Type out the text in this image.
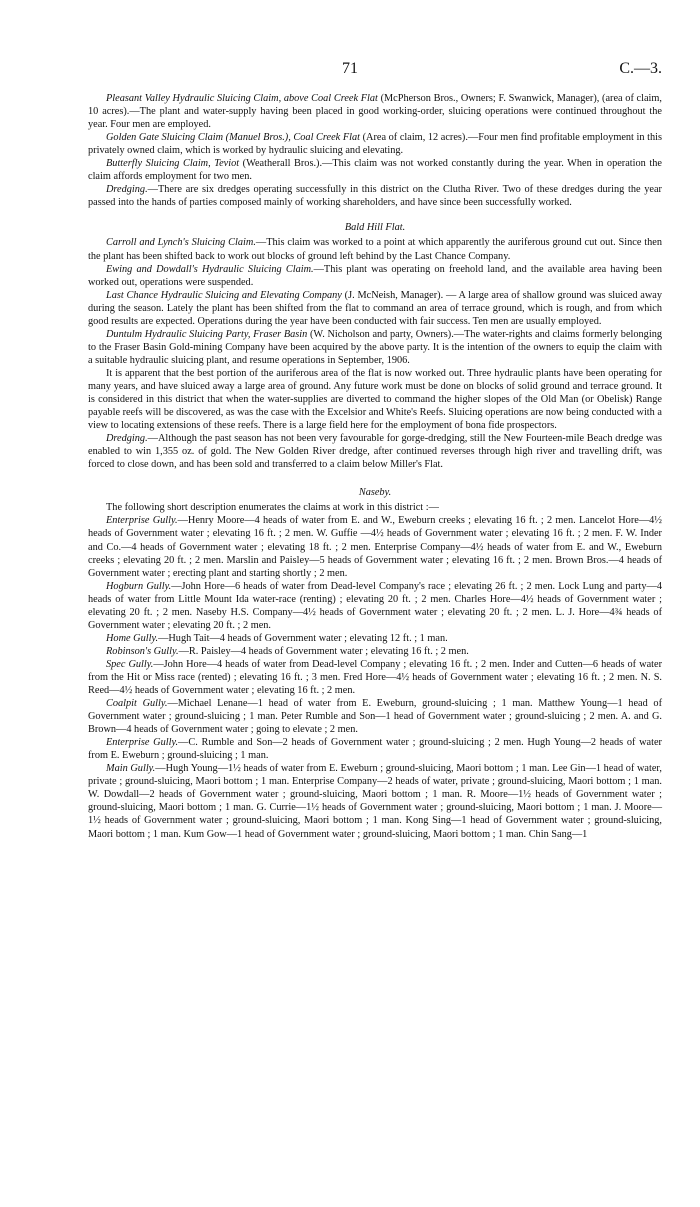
71	C.—3.

Pleasant Valley Hydraulic Sluicing Claim, above Coal Creek Flat (McPherson Bros., Owners; F. Swanwick, Manager), (area of claim, 10 acres).—The plant and water-supply having been placed in good working-order, sluicing operations were continued throughout the year. Four men are employed.

Golden Gate Sluicing Claim (Manuel Bros.), Coal Creek Flat (Area of claim, 12 acres).—Four men find profitable employment in this privately owned claim, which is worked by hydraulic sluicing and elevating.

Butterfly Sluicing Claim, Teviot (Weatherall Bros.).—This claim was not worked constantly during the year. When in operation the claim affords employment for two men.

Dredging.—There are six dredges operating successfully in this district on the Clutha River. Two of these dredges during the year passed into the hands of parties composed mainly of working shareholders, and have since been successfully worked.

Bald Hill Flat.

Carroll and Lynch's Sluicing Claim.—This claim was worked to a point at which apparently the auriferous ground cut out. Since then the plant has been shifted back to work out blocks of ground left behind by the Last Chance Company.

Ewing and Dowdall's Hydraulic Sluicing Claim.—This plant was operating on freehold land, and the available area having been worked out, operations were suspended.

Last Chance Hydraulic Sluicing and Elevating Company (J. McNeish, Manager). — A large area of shallow ground was sluiced away during the season. Lately the plant has been shifted from the flat to command an area of terrace ground, which is rough, and from which good results are expected. Operations during the year have been conducted with fair success. Ten men are usually employed.

Duntulm Hydraulic Sluicing Party, Fraser Basin (W. Nicholson and party, Owners).—The water-rights and claims formerly belonging to the Fraser Basin Gold-mining Company have been acquired by the above party. It is the intention of the owners to equip the claim with a suitable hydraulic sluicing plant, and resume operations in September, 1906.

It is apparent that the best portion of the auriferous area of the flat is now worked out. Three hydraulic plants have been operating for many years, and have sluiced away a large area of ground. Any future work must be done on blocks of solid ground and terrace ground. It is considered in this district that when the water-supplies are diverted to command the higher slopes of the Old Man (or Obelisk) Range payable reefs will be discovered, as was the case with the Excelsior and White's Reefs. Sluicing operations are now being conducted with a view to locating extensions of these reefs. There is a large field here for the employment of bona fide prospectors.

Dredging.—Although the past season has not been very favourable for gorge-dredging, still the New Fourteen-mile Beach dredge was enabled to win 1,355 oz. of gold. The New Golden River dredge, after continued reverses through high river and travelling drift, was forced to close down, and has been sold and transferred to a claim below Miller's Flat.

Naseby.

The following short description enumerates the claims at work in this district :—

Enterprise Gully.—Henry Moore—4 heads of water from E. and W., Eweburn creeks ; elevating 16 ft. ; 2 men. Lancelot Hore—4½ heads of Government water ; elevating 16 ft. ; 2 men. W. Guffie —4½ heads of Government water ; elevating 16 ft. ; 2 men. F. W. Inder and Co.—4 heads of Government water ; elevating 18 ft. ; 2 men. Enterprise Company—4½ heads of water from E. and W., Eweburn creeks ; elevating 20 ft. ; 2 men. Marslin and Paisley—5 heads of Government water ; elevating 16 ft. ; 2 men. Brown Bros.—4 heads of Government water ; erecting plant and starting shortly ; 2 men.

Hogburn Gully.—John Hore—6 heads of water from Dead-level Company's race ; elevating 26 ft. ; 2 men. Lock Lung and party—4 heads of water from Little Mount Ida water-race (renting) ; elevating 20 ft. ; 2 men. Charles Hore—4½ heads of Government water ; elevating 20 ft. ; 2 men. Naseby H.S. Company—4½ heads of Government water ; elevating 20 ft. ; 2 men. L. J. Hore—4¾ heads of Government water ; elevating 20 ft. ; 2 men.

Home Gully.—Hugh Tait—4 heads of Government water ; elevating 12 ft. ; 1 man.

Robinson's Gully.—R. Paisley—4 heads of Government water ; elevating 16 ft. ; 2 men.

Spec Gully.—John Hore—4 heads of water from Dead-level Company ; elevating 16 ft. ; 2 men. Inder and Cutten—6 heads of water from the Hit or Miss race (rented) ; elevating 16 ft. ; 3 men. Fred Hore—4½ heads of Government water ; elevating 16 ft. ; 2 men. N. S. Reed—4½ heads of Government water ; elevating 16 ft. ; 2 men.

Coalpit Gully.—Michael Lenane—1 head of water from E. Eweburn, ground-sluicing ; 1 man. Matthew Young—1 head of Government water ; ground-sluicing ; 1 man. Peter Rumble and Son—1 head of Government water ; ground-sluicing ; 2 men. A. and G. Brown—4 heads of Government water ; going to elevate ; 2 men.

Enterprise Gully.—C. Rumble and Son—2 heads of Government water ; ground-sluicing ; 2 men. Hugh Young—2 heads of water from E. Eweburn ; ground-sluicing ; 1 man.

Main Gully.—Hugh Young—1½ heads of water from E. Eweburn ; ground-sluicing, Maori bottom ; 1 man. Lee Gin—1 head of water, private ; ground-sluicing, Maori bottom ; 1 man. Enterprise Company—2 heads of water, private ; ground-sluicing, Maori bottom ; 1 man. W. Dowdall—2 heads of Government water ; ground-sluicing, Maori bottom ; 1 man. R. Moore—1½ heads of Government water ; ground-sluicing, Maori bottom ; 1 man. G. Currie—1½ heads of Government water ; ground-sluicing, Maori bottom ; 1 man. J. Moore—1½ heads of Government water ; ground-sluicing, Maori bottom ; 1 man. Kong Sing—1 head of Government water ; ground-sluicing, Maori bottom ; 1 man. Kum Gow—1 head of Government water ; ground-sluicing, Maori bottom ; 1 man. Chin Sang—1
